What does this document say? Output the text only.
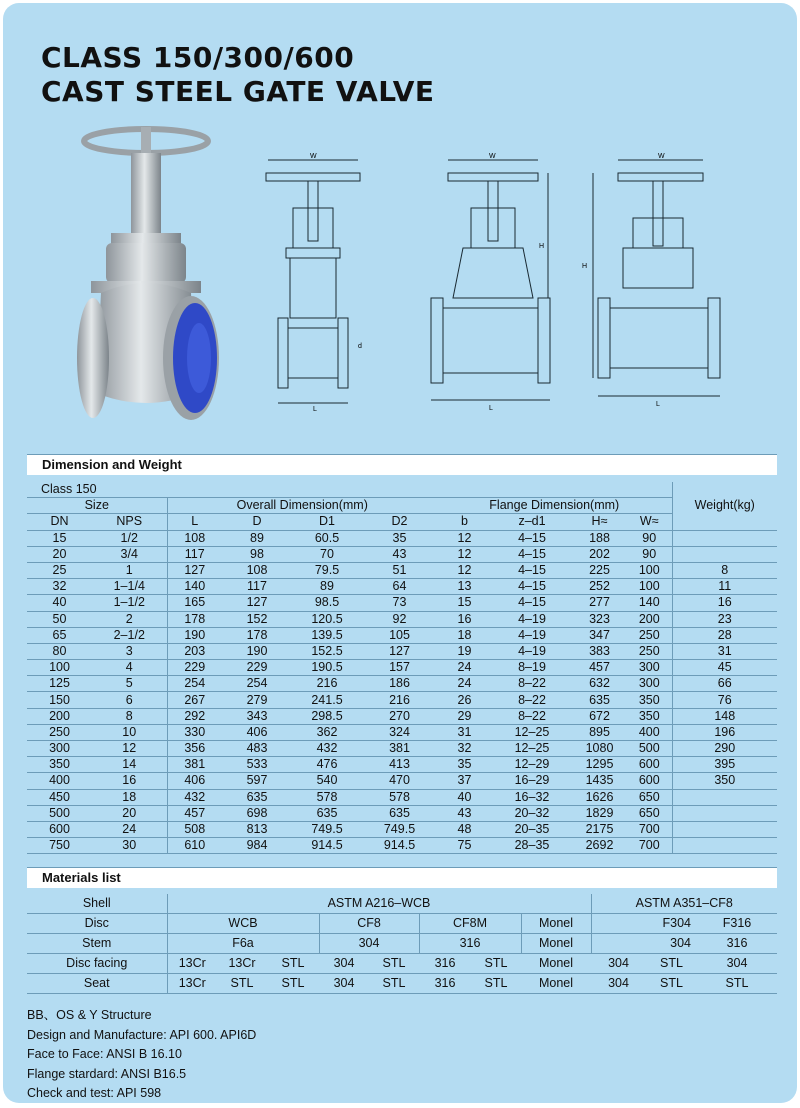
CLASS 150/300/600
CAST STEEL GATE VALVE
W
L
d
W
H
L
W
H
L
Dimension and Weight
Class 150										Weight(kg)
Size		Overall Dimension(mm)				Flange Dimension(mm)				
DN	NPS	L	D	D1	D2	b	z–d1	H≈	W≈	
15	1/2	108	89	60.5	35	12	4–15	188	90	
20	3/4	117	98	70	43	12	4–15	202	90	
25	1	127	108	79.5	51	12	4–15	225	100	8
32	1–1/4	140	117	89	64	13	4–15	252	100	11
40	1–1/2	165	127	98.5	73	15	4–15	277	140	16
50	2	178	152	120.5	92	16	4–19	323	200	23
65	2–1/2	190	178	139.5	105	18	4–19	347	250	28
80	3	203	190	152.5	127	19	4–19	383	250	31
100	4	229	229	190.5	157	24	8–19	457	300	45
125	5	254	254	216	186	24	8–22	632	300	66
150	6	267	279	241.5	216	26	8–22	635	350	76
200	8	292	343	298.5	270	29	8–22	672	350	148
250	10	330	406	362	324	31	12–25	895	400	196
300	12	356	483	432	381	32	12–25	1080	500	290
350	14	381	533	476	413	35	12–29	1295	600	395
400	16	406	597	540	470	37	16–29	1435	600	350
450	18	432	635	578	578	40	16–32	1626	650	
500	20	457	698	635	635	43	20–32	1829	650	
600	24	508	813	749.5	749.5	48	20–35	2175	700	
750	30	610	984	914.5	914.5	75	28–35	2692	700	
Materials list
Shell	ASTM A216–WCB								ASTM A351–CF8		
Disc	WCB			CF8		CF8M		Monel	F304		F316
Stem	F6a			304		316		Monel	304		316
Disc facing	13Cr	13Cr	STL	304	STL	316	STL	Monel	304	STL	304
Seat	13Cr	STL	STL	304	STL	316	STL	Monel	304	STL	STL
BB、OS & Y Structure
Design and Manufacture: API 600. API6D
Face to Face: ANSI B 16.10
Flange stardard: ANSI B16.5
Check and test: API 598
